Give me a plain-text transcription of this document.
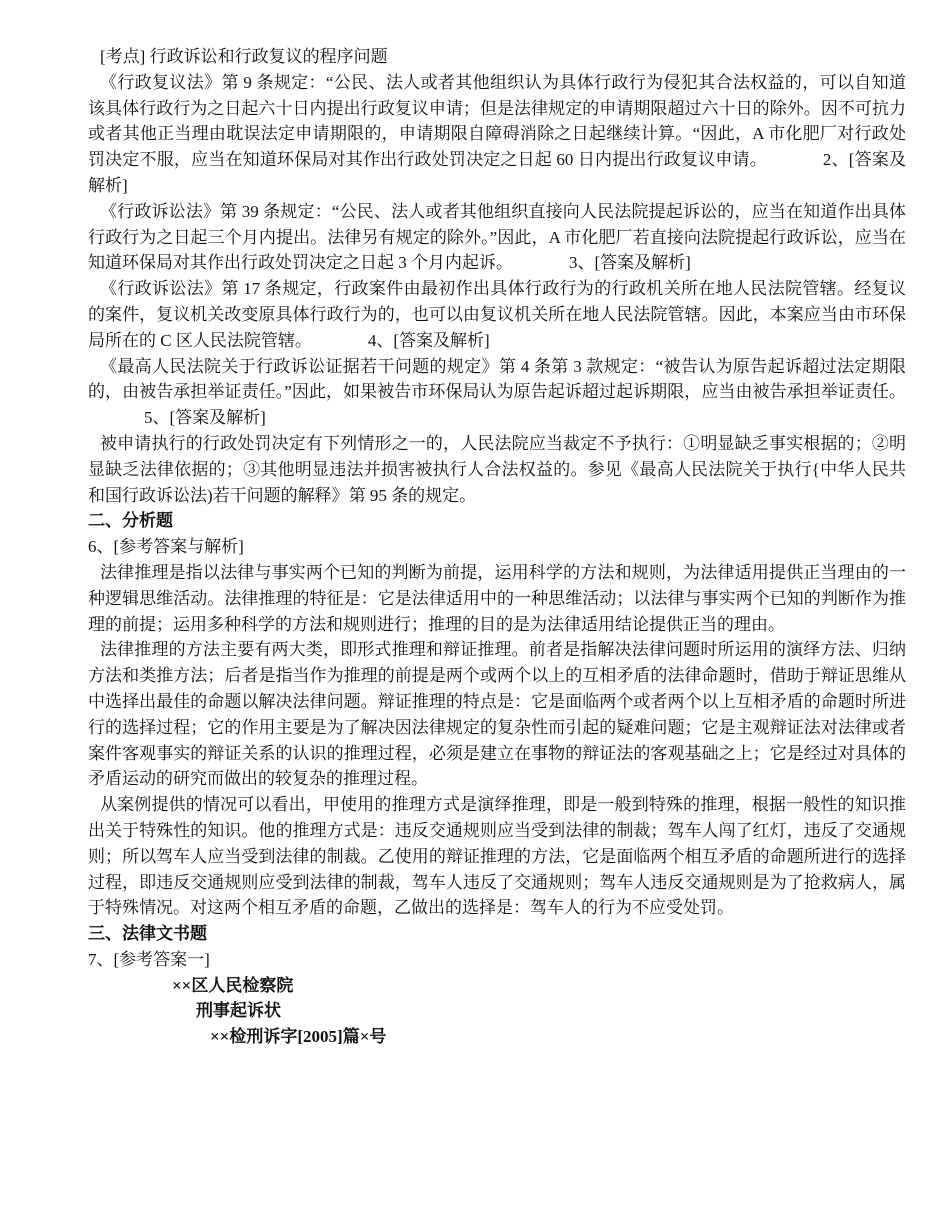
[考点] 行政诉讼和行政复议的程序问题

《行政复议法》第 9 条规定：“公民、法人或者其他组织认为具体行政行为侵犯其合法权益的，可以自知道该具体行政行为之日起六十日内提出行政复议申请；但是法律规定的申请期限超过六十日的除外。因不可抗力或者其他正当理由耽误法定申请期限的，申请期限自障碍消除之日起继续计算。“因此，A 市化肥厂对行政处罚决定不服，应当在知道环保局对其作出行政处罚决定之日起 60 日内提出行政复议申请。	2、[答案及解析]

《行政诉讼法》第 39 条规定：“公民、法人或者其他组织直接向人民法院提起诉讼的，应当在知道作出具体行政行为之日起三个月内提出。法律另有规定的除外。”因此，A 市化肥厂若直接向法院提起行政诉讼，应当在知道环保局对其作出行政处罚决定之日起 3 个月内起诉。	3、[答案及解析]

《行政诉讼法》第 17 条规定，行政案件由最初作出具体行政行为的行政机关所在地人民法院管辖。经复议的案件，复议机关改变原具体行政行为的，也可以由复议机关所在地人民法院管辖。因此，本案应当由市环保局所在的 C 区人民法院管辖。	4、[答案及解析]

《最高人民法院关于行政诉讼证据若干问题的规定》第 4 条第 3 款规定：“被告认为原告起诉超过法定期限的，由被告承担举证责任。”因此，如果被告市环保局认为原告起诉超过起诉期限，应当由被告承担举证责任。5、[答案及解析]

被申请执行的行政处罚决定有下列情形之一的，人民法院应当裁定不予执行：①明显缺乏事实根据的；②明显缺乏法律依据的；③其他明显违法并损害被执行人合法权益的。参见《最高人民法院关于执行{中华人民共和国行政诉讼法)若干问题的解释》第 95 条的规定。

二、分析题

6、[参考答案与解析]

法律推理是指以法律与事实两个已知的判断为前提，运用科学的方法和规则，为法律适用提供正当理由的一种逻辑思维活动。法律推理的特征是：它是法律适用中的一种思维活动；以法律与事实两个已知的判断作为推理的前提；运用多种科学的方法和规则进行；推理的目的是为法律适用结论提供正当的理由。

法律推理的方法主要有两大类，即形式推理和辩证推理。前者是指解决法律问题时所运用的演绎方法、归纳方法和类推方法；后者是指当作为推理的前提是两个或两个以上的互相矛盾的法律命题时，借助于辩证思维从中选择出最佳的命题以解决法律问题。辩证推理的特点是：它是面临两个或者两个以上互相矛盾的命题时所进行的选择过程；它的作用主要是为了解决因法律规定的复杂性而引起的疑难问题；它是主观辩证法对法律或者案件客观事实的辩证关系的认识的推理过程，必须是建立在事物的辩证法的客观基础之上；它是经过对具体的矛盾运动的研究而做出的较复杂的推理过程。

从案例提供的情况可以看出，甲使用的推理方式是演绎推理，即是一般到特殊的推理，根据一般性的知识推出关于特殊性的知识。他的推理方式是：违反交通规则应当受到法律的制裁；驾车人闯了红灯，违反了交通规则；所以驾车人应当受到法律的制裁。乙使用的辩证推理的方法，它是面临两个相互矛盾的命题所进行的选择过程，即违反交通规则应受到法律的制裁，驾车人违反了交通规则；驾车人违反交通规则是为了抢救病人，属于特殊情况。对这两个相互矛盾的命题，乙做出的选择是：驾车人的行为不应受处罚。

三、法律文书题

7、[参考答案一]

××区人民检察院

刑事起诉状

××检刑诉字[2005]篇×号
